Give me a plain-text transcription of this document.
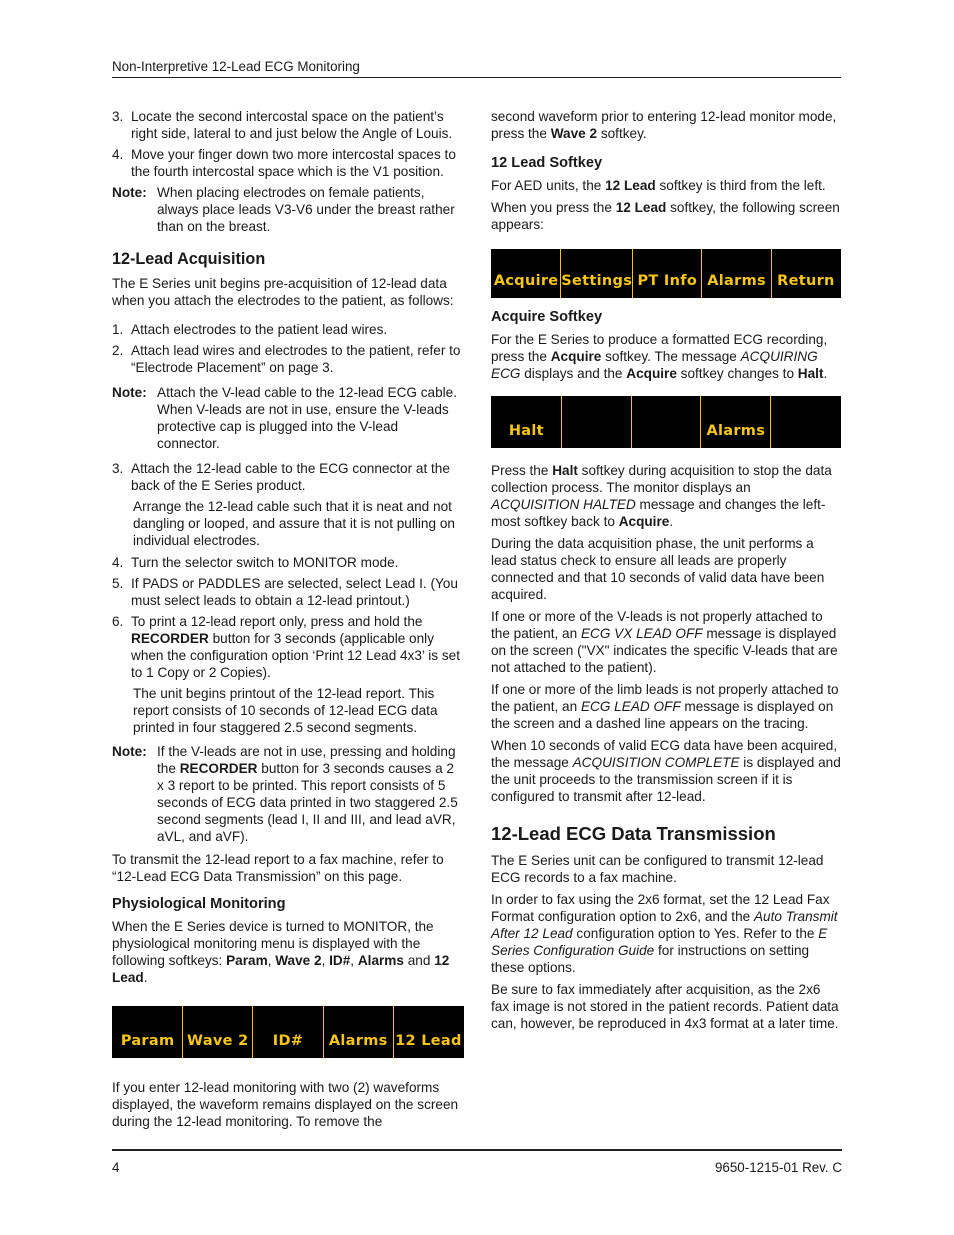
Non-Interpretive 12-Lead ECG Monitoring
3. Locate the second intercostal space on the patient’s right side, lateral to and just below the Angle of Louis.
4. Move your finger down two more intercostal spaces to the fourth intercostal space which is the V1 position.
Note: When placing electrodes on female patients, always place leads V3-V6 under the breast rather than on the breast.
12-Lead Acquisition

The E Series unit begins pre-acquisition of 12-lead data when you attach the electrodes to the patient, as follows:

1. Attach electrodes to the patient lead wires.
2. Attach lead wires and electrodes to the patient, refer to “Electrode Placement” on page 3.
Note: Attach the V-lead cable to the 12-lead ECG cable. When V-leads are not in use, ensure the V-leads protective cap is plugged into the V-lead connector.
3. Attach the 12-lead cable to the ECG connector at the back of the E Series product.

Arrange the 12-lead cable such that it is neat and not dangling or looped, and assure that it is not pulling on individual electrodes.

4. Turn the selector switch to MONITOR mode.
5. If PADS or PADDLES are selected, select Lead I. (You must select leads to obtain a 12-lead printout.)
6. To print a 12-lead report only, press and hold the RECORDER button for 3 seconds (applicable only when the configuration option ‘Print 12 Lead 4x3’ is set to 1 Copy or 2 Copies).

The unit begins printout of the 12-lead report. This report consists of 10 seconds of 12-lead ECG data printed in four staggered 2.5 second segments.

Note: If the V-leads are not in use, pressing and holding the RECORDER button for 3 seconds causes a 2 x 3 report to be printed. This report consists of 5 seconds of ECG data printed in two staggered 2.5 second segments (lead I, II and III, and lead aVR, aVL, and aVF).

To transmit the 12-lead report to a fax machine, refer to “12-Lead ECG Data Transmission” on this page.

Physiological Monitoring

When the E Series device is turned to MONITOR, the physiological monitoring menu is displayed with the following softkeys: Param, Wave 2, ID#, Alarms and 12 Lead.

Param Wave 2	ID#	Alarms 12 Lead

If you enter 12-lead monitoring with two (2) waveforms displayed, the waveform remains displayed on the screen during the 12-lead monitoring. To remove the

second waveform prior to entering 12-lead monitor mode, press the Wave 2 softkey.

12 Lead Softkey

For AED units, the 12 Lead softkey is third from the left.

When you press the 12 Lead softkey, the following screen appears:

Acquire Settings PT Info Alarms Return
Acquire Softkey

For the E Series to produce a formatted ECG recording, press the Acquire softkey. The message ACQUIRING ECG displays and the Acquire softkey changes to Halt.

Halt	Alarms

Press the Halt softkey during acquisition to stop the data collection process. The monitor displays an ACQUISITION HALTED message and changes the left-most softkey back to Acquire.

During the data acquisition phase, the unit performs a lead status check to ensure all leads are properly connected and that 10 seconds of valid data have been acquired.

If one or more of the V-leads is not properly attached to the patient, an ECG VX LEAD OFF message is displayed on the screen ("VX" indicates the specific V-leads that are not attached to the patient).

If one or more of the limb leads is not properly attached to the patient, an ECG LEAD OFF message is displayed on the screen and a dashed line appears on the tracing.

When 10 seconds of valid ECG data have been acquired, the message ACQUISITION COMPLETE is displayed and the unit proceeds to the transmission screen if it is configured to transmit after 12-lead.

12-Lead ECG Data Transmission

The E Series unit can be configured to transmit 12-lead ECG records to a fax machine.

In order to fax using the 2x6 format, set the 12 Lead Fax Format configuration option to 2x6, and the Auto Transmit After 12 Lead configuration option to Yes. Refer to the E Series Configuration Guide for instructions on setting these options.

Be sure to fax immediately after acquisition, as the 2x6 fax image is not stored in the patient records. Patient data can, however, be reproduced in 4x3 format at a later time.

4	9650-1215-01 Rev. C
